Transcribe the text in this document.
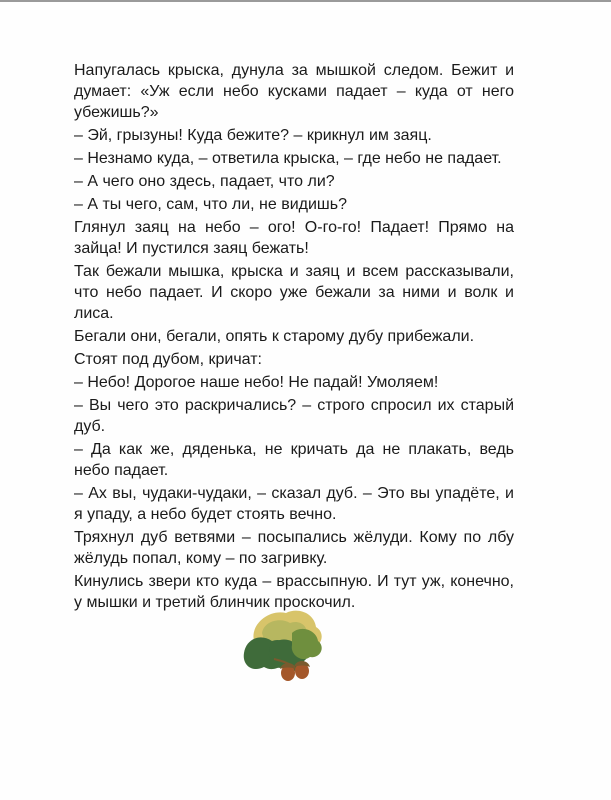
Напугалась крыска, дунула за мышкой следом. Бежит и думает: «Уж если небо кусками падает – куда от него убежишь?»

– Эй, грызуны! Куда бежите? – крикнул им заяц.

– Незнамо куда, – ответила крыска, – где небо не падает.

– А чего оно здесь, падает, что ли?

– А ты чего, сам, что ли, не видишь?

Глянул заяц на небо – ого! О-го-го! Падает! Прямо на зайца! И пустился заяц бежать!

Так бежали мышка, крыска и заяц и всем рассказывали, что небо падает. И скоро уже бежали за ними и волк и лиса.

Бегали они, бегали, опять к старому дубу прибежали.

Стоят под дубом, кричат:

– Небо! Дорогое наше небо! Не падай! Умоляем!

– Вы чего это раскричались? – строго спросил их старый дуб.

– Да как же, дяденька, не кричать да не плакать, ведь небо падает.

– Ах вы, чудаки-чудаки, – сказал дуб. – Это вы упадёте, и я упаду, а небо будет стоять вечно.

Тряхнул дуб ветвями – посыпались жёлуди. Кому по лбу жёлудь попал, кому – по загривку.

Кинулись звери кто куда – врассыпную. И тут уж, конечно, у мышки и третий блинчик проскочил.
